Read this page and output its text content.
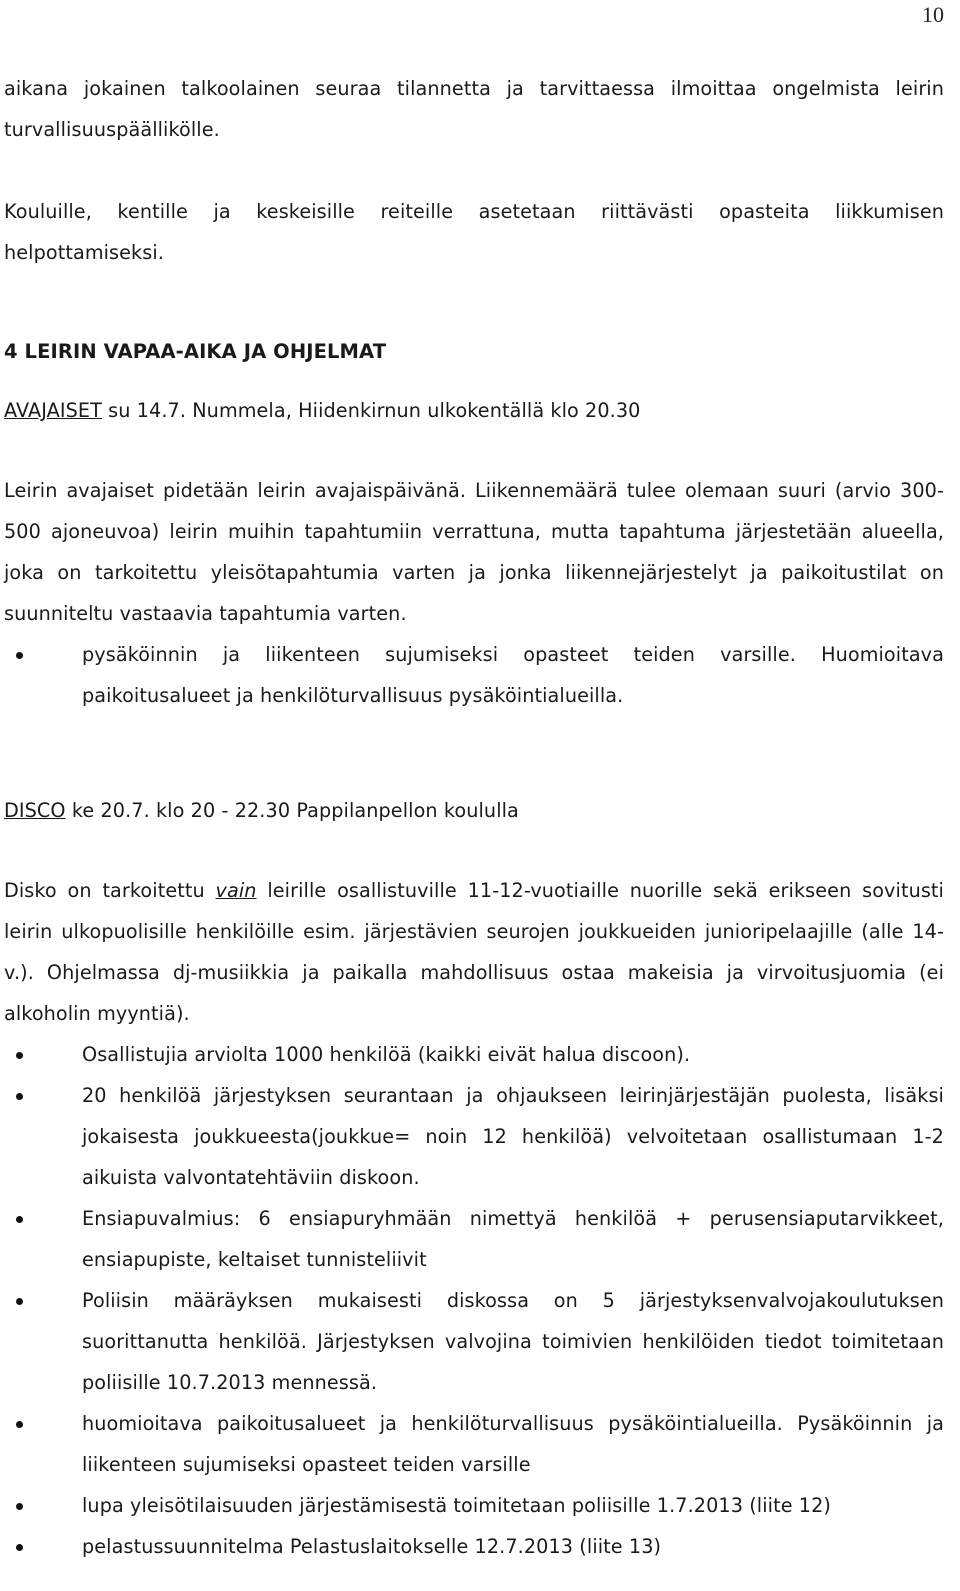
10

aikana jokainen talkoolainen seuraa tilannetta ja tarvittaessa ilmoittaa ongelmista leirin turvallisuuspäällikölle.

Kouluille, kentille ja keskeisille reiteille asetetaan riittävästi opasteita liikkumisen helpottamiseksi.

4 LEIRIN VAPAA-AIKA JA OHJELMAT

AVAJAISET su 14.7. Nummela, Hiidenkirnun ulkokentällä klo 20.30

Leirin avajaiset pidetään leirin avajaispäivänä. Liikennemäärä tulee olemaan suuri (arvio 300-500 ajoneuvoa) leirin muihin tapahtumiin verrattuna, mutta tapahtuma järjestetään alueella, joka on tarkoitettu yleisötapahtumia varten ja jonka liikennejärjestelyt ja paikoitustilat on suunniteltu vastaavia tapahtumia varten.

pysäköinnin ja liikenteen sujumiseksi opasteet teiden varsille. Huomioitava paikoitusalueet ja henkilöturvallisuus pysäköintialueilla.

DISCO ke 20.7. klo 20 - 22.30 Pappilanpellon koululla

Disko on tarkoitettu vain leirille osallistuville 11-12-vuotiaille nuorille sekä erikseen sovitusti leirin ulkopuolisille henkilöille esim. järjestävien seurojen joukkueiden junioripelaajille (alle 14-v.). Ohjelmassa dj-musiikkia ja paikalla mahdollisuus ostaa makeisia ja virvoitusjuomia (ei alkoholin myyntiä).

Osallistujia arviolta 1000 henkilöä (kaikki eivät halua discoon).
20 henkilöä järjestyksen seurantaan ja ohjaukseen leirinjärjestäjän puolesta, lisäksi jokaisesta joukkueesta(joukkue= noin 12 henkilöä) velvoitetaan osallistumaan 1-2 aikuista valvontatehtäviin diskoon.
Ensiapuvalmius: 6 ensiapuryhmään nimettyä henkilöä + perusensiaputarvikkeet, ensiapupiste, keltaiset tunnisteliivit
Poliisin määräyksen mukaisesti diskossa on 5 järjestyksenvalvojakoulutuksen suorittanutta henkilöä. Järjestyksen valvojina toimivien henkilöiden tiedot toimitetaan poliisille 10.7.2013 mennessä.
huomioitava paikoitusalueet ja henkilöturvallisuus pysäköintialueilla. Pysäköinnin ja liikenteen sujumiseksi opasteet teiden varsille
lupa yleisötilaisuuden järjestämisestä toimitetaan poliisille 1.7.2013 (liite 12)
pelastussuunnitelma Pelastuslaitokselle 12.7.2013 (liite 13)
